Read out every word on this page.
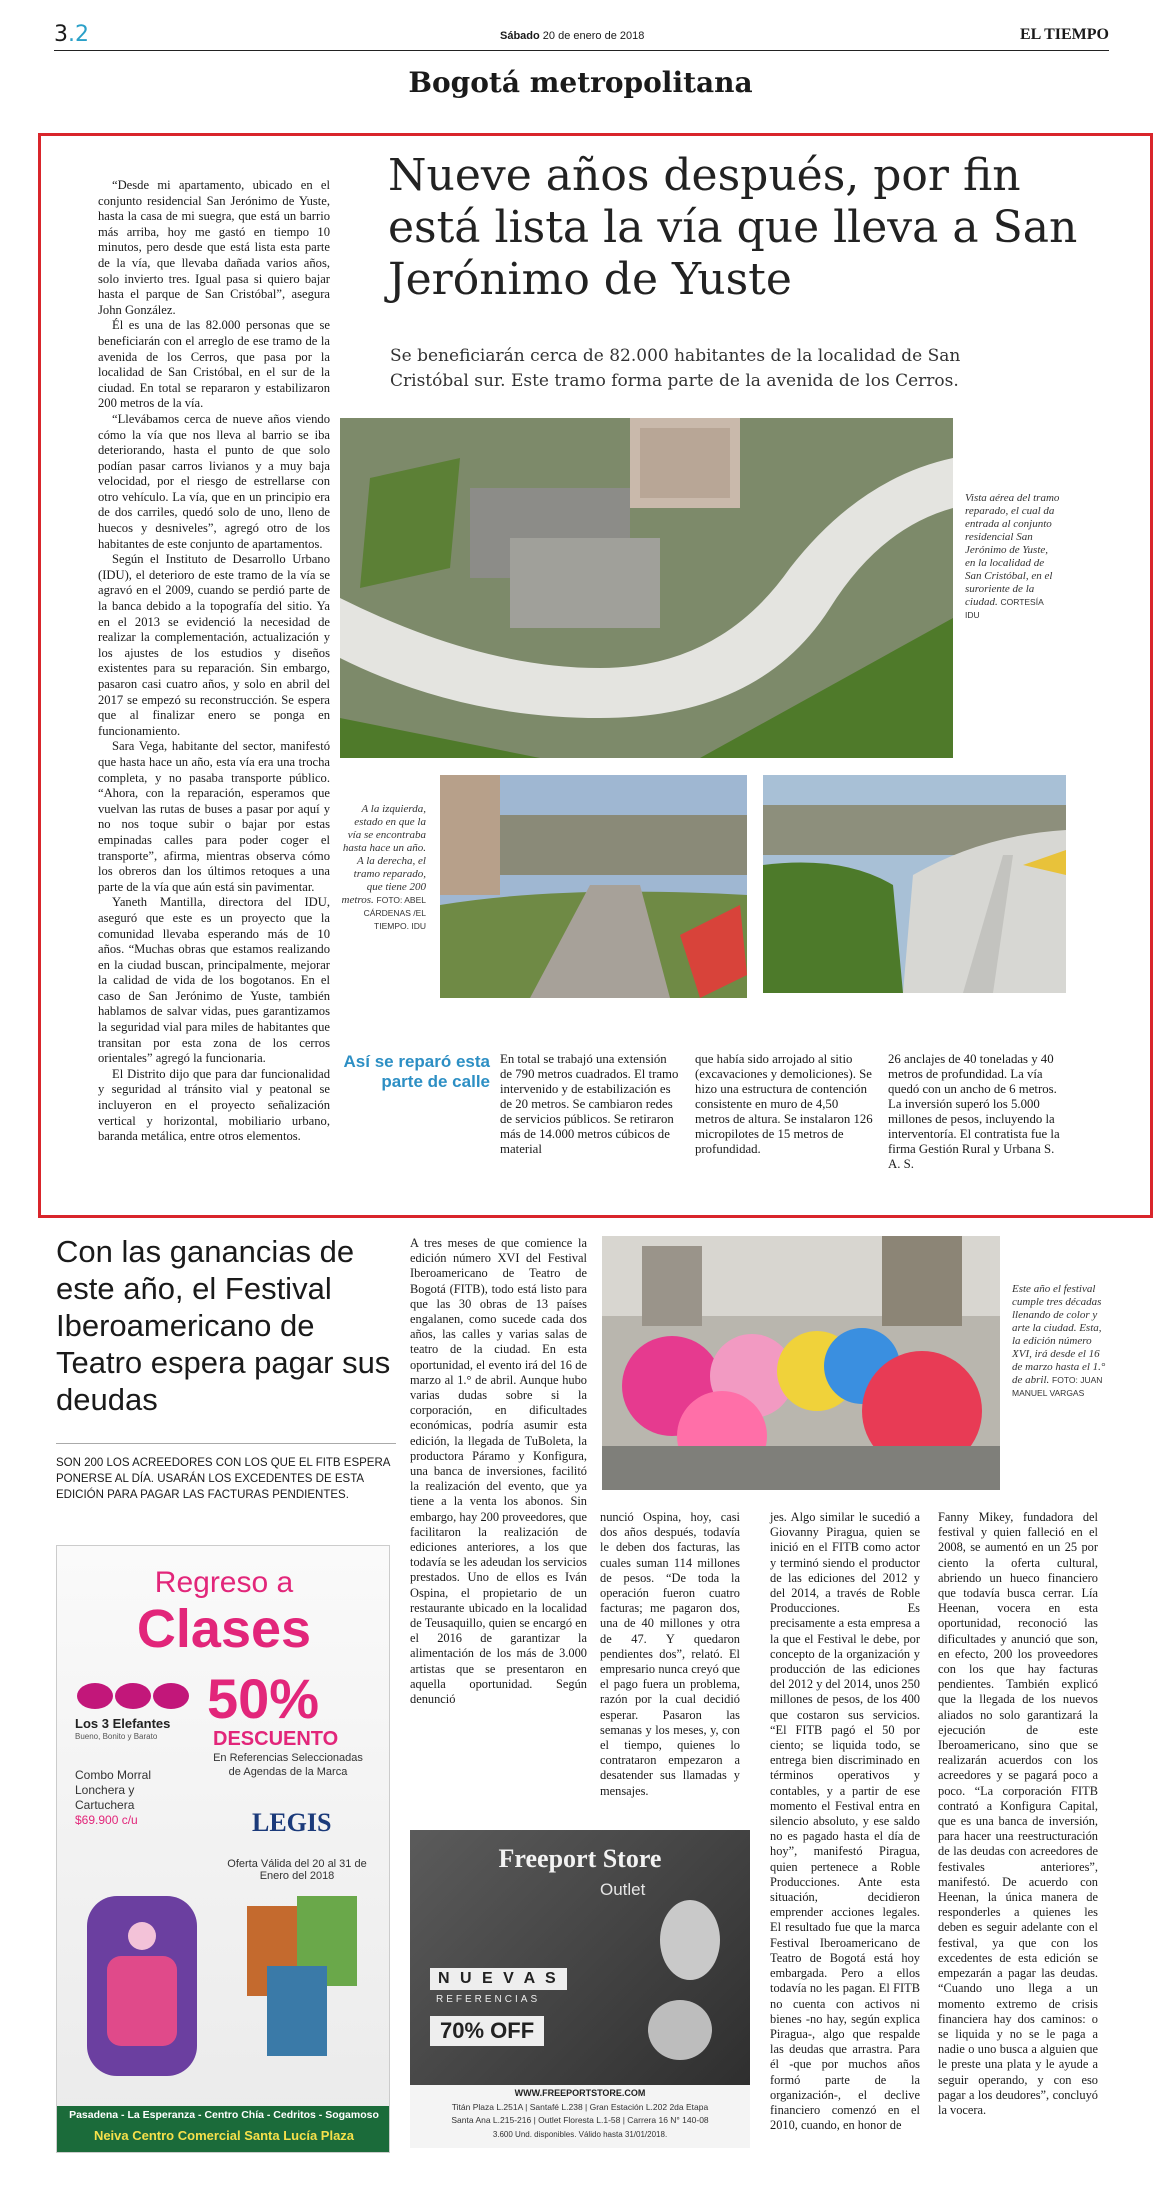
3.2	Sábado 20 de enero de 2018	EL TIEMPO
Bogotá metropolitana

“Desde mi apartamento, ubicado en el conjunto residencial San Jerónimo de Yuste, hasta la casa de mi suegra, que está un barrio más arriba, hoy me gastó en tiempo 10 minutos, pero desde que está lista esta parte de la vía, que llevaba dañada varios años, solo invierto tres. Igual pasa si quiero bajar hasta el parque de San Cristóbal”, asegura John González.

Él es una de las 82.000 personas que se beneficiarán con el arreglo de ese tramo de la avenida de los Cerros, que pasa por la localidad de San Cristóbal, en el sur de la ciudad. En total se repararon y estabilizaron 200 metros de la vía.

“Llevábamos cerca de nueve años viendo cómo la vía que nos lleva al barrio se iba deteriorando, hasta el punto de que solo podían pasar carros livianos y a muy baja velocidad, por el riesgo de estrellarse con otro vehículo. La vía, que en un principio era de dos carriles, quedó solo de uno, lleno de huecos y desniveles”, agregó otro de los habitantes de este conjunto de apartamentos.

Según el Instituto de Desarrollo Urbano (IDU), el deterioro de este tramo de la vía se agravó en el 2009, cuando se perdió parte de la banca debido a la topografía del sitio. Ya en el 2013 se evidenció la necesidad de realizar la complementación, actualización y los ajustes de los estudios y diseños existentes para su reparación. Sin embargo, pasaron casi cuatro años, y solo en abril del 2017 se empezó su reconstrucción. Se espera que al finalizar enero se ponga en funcionamiento.

Sara Vega, habitante del sector, manifestó que hasta hace un año, esta vía era una trocha completa, y no pasaba transporte público. “Ahora, con la reparación, esperamos que vuelvan las rutas de buses a pasar por aquí y no nos toque subir o bajar por estas empinadas calles para poder coger el transporte”, afirma, mientras observa cómo los obreros dan los últimos retoques a una parte de la vía que aún está sin pavimentar.

Yaneth Mantilla, directora del IDU, aseguró que este es un proyecto que la comunidad llevaba esperando más de 10 años. “Muchas obras que estamos realizando en la ciudad buscan, principalmente, mejorar la calidad de vida de los bogotanos. En el caso de San Jerónimo de Yuste, también hablamos de salvar vidas, pues garantizamos la seguridad vial para miles de habitantes que transitan por esta zona de los cerros orientales” agregó la funcionaria.

El Distrito dijo que para dar funcionalidad y seguridad al tránsito vial y peatonal se incluyeron en el proyecto señalización vertical y horizontal, mobiliario urbano, baranda metálica, entre otros elementos.

Nueve años después, por fin está lista la vía que lleva a San Jerónimo de Yuste
Se beneficiarán cerca de 82.000 habitantes de la localidad de San Cristóbal sur. Este tramo forma parte de la avenida de los Cerros.
Vista aérea del tramo reparado, el cual da entrada al conjunto residencial San Jerónimo de Yuste, en la localidad de San Cristóbal, en el suroriente de la ciudad. CORTESÍA IDU
A la izquierda, estado en que la vía se encontraba hasta hace un año. A la derecha, el tramo reparado, que tiene 200 metros. FOTO: ABEL CÁRDENAS /EL TIEMPO. IDU
Así se reparó esta parte de calle
En total se trabajó una extensión de 790 metros cuadrados. El tramo intervenido y de estabilización es de 20 metros. Se cambiaron redes de servicios públicos. Se retiraron más de 14.000 metros cúbicos de material
que había sido arrojado al sitio (excavaciones y demoliciones). Se hizo una estructura de contención consistente en muro de 4,50 metros de altura. Se instalaron 126 micropilotes de 15 metros de profundidad.
26 anclajes de 40 toneladas y 40 metros de profundidad. La vía quedó con un ancho de 6 metros. La inversión superó los 5.000 millones de pesos, incluyendo la interventoría. El contratista fue la firma Gestión Rural y Urbana S. A. S.
Con las ganancias de este año, el Festival Iberoamericano de Teatro espera pagar sus deudas
SON 200 LOS ACREEDORES CON LOS QUE EL FITB ESPERA PONERSE AL DÍA. USARÁN LOS EXCEDENTES DE ESTA EDICIÓN PARA PAGAR LAS FACTURAS PENDIENTES.
Este año el festival cumple tres décadas llenando de color y arte la ciudad. Esta, la edición número XVI, irá desde el 16 de marzo hasta el 1.° de abril. FOTO: JUAN MANUEL VARGAS
A tres meses de que comience la edición número XVI del Festival Iberoamericano de Teatro de Bogotá (FITB), todo está listo para que las 30 obras de 13 países engalanen, como sucede cada dos años, las calles y varias salas de teatro de la ciudad. En esta oportunidad, el evento irá del 16 de marzo al 1.° de abril. Aunque hubo varias dudas sobre si la corporación, en dificultades económicas, podría asumir esta edición, la llegada de TuBoleta, la productora Páramo y Konfigura, una banca de inversiones, facilitó la realización del evento, que ya tiene a la venta los abonos. Sin embargo, hay 200 proveedores, que facilitaron la realización de ediciones anteriores, a los que todavía se les adeudan los servicios prestados. Uno de ellos es Iván Ospina, el propietario de un restaurante ubicado en la localidad de Teusaquillo, quien se encargó en el 2016 de garantizar la alimentación de los más de 3.000 artistas que se presentaron en aquella oportunidad. Según denunció
nunció Ospina, hoy, casi dos años después, todavía le deben dos facturas, las cuales suman 114 millones de pesos. “De toda la operación fueron cuatro facturas; me pagaron dos, una de 40 millones y otra de 47. Y quedaron pendientes dos”, relató. El empresario nunca creyó que el pago fuera un problema, razón por la cual decidió esperar. Pasaron las semanas y los meses, y, con el tiempo, quienes lo contrataron empezaron a desatender sus llamadas y mensajes.
jes. Algo similar le sucedió a Giovanny Piragua, quien se inició en el FITB como actor y terminó siendo el productor de las ediciones del 2012 y del 2014, a través de Roble Producciones. Es precisamente a esta empresa a la que el Festival le debe, por concepto de la organización y producción de las ediciones del 2012 y del 2014, unos 250 millones de pesos, de los 400 que costaron sus servicios. “El FITB pagó el 50 por ciento; se liquida todo, se entrega bien discriminado en términos operativos y contables, y a partir de ese momento el Festival entra en silencio absoluto, y ese saldo no es pagado hasta el día de hoy”, manifestó Piragua, quien pertenece a Roble Producciones. Ante esta situación, decidieron emprender acciones legales. El resultado fue que la marca Festival Iberoamericano de Teatro de Bogotá está hoy embargada. Pero a ellos todavía no les pagan. El FITB no cuenta con activos ni bienes -no hay, según explica Piragua-, algo que respalde las deudas que arrastra. Para él -que por muchos años formó parte de la organización-, el declive financiero comenzó en el 2010, cuando, en honor de
Fanny Mikey, fundadora del festival y quien falleció en el 2008, se aumentó en un 25 por ciento la oferta cultural, abriendo un hueco financiero que todavía busca cerrar. Lía Heenan, vocera en esta oportunidad, reconoció las dificultades y anunció que son, en efecto, 200 los proveedores con los que hay facturas pendientes. También explicó que la llegada de los nuevos aliados no solo garantizará la ejecución de este Iberoamericano, sino que se realizarán acuerdos con los acreedores y se pagará poco a poco. “La corporación FITB contrató a Konfigura Capital, que es una banca de inversión, para hacer una reestructuración de las deudas con acreedores de festivales anteriores”, manifestó. De acuerdo con Heenan, la única manera de responderles a quienes les deben es seguir adelante con el festival, ya que con los excedentes de esta edición se empezarán a pagar las deudas. “Cuando uno llega a un momento extremo de crisis financiera hay dos caminos: o se liquida y no se le paga a nadie o uno busca a alguien que le preste una plata y le ayude a seguir operando, y con eso pagar a los deudores”, concluyó la vocera.
Regreso a
Clases
Los 3 Elefantes
Bueno, Bonito y Barato
50%
DESCUENTO
En Referencias Seleccionadas
de Agendas de la Marca
Combo Morral
Lonchera y
Cartuchera
$69.900 c/u	LEGIS
Oferta Válida del 20 al 31 de Enero del 2018
Pasadena - La Esperanza - Centro Chía - Cedritos - Sogamoso
Neiva Centro Comercial Santa Lucía Plaza
Freeport Store
Outlet
N U E V A S
REFERENCIAS
70% OFF
WWW.FREEPORTSTORE.COM
Titán Plaza L.251A | Santafé L.238 | Gran Estación L.202 2da Etapa
Santa Ana L.215-216 | Outlet Floresta L.1-58 | Carrera 16 N° 140-08
3.600 Und. disponibles. Válido hasta 31/01/2018.
